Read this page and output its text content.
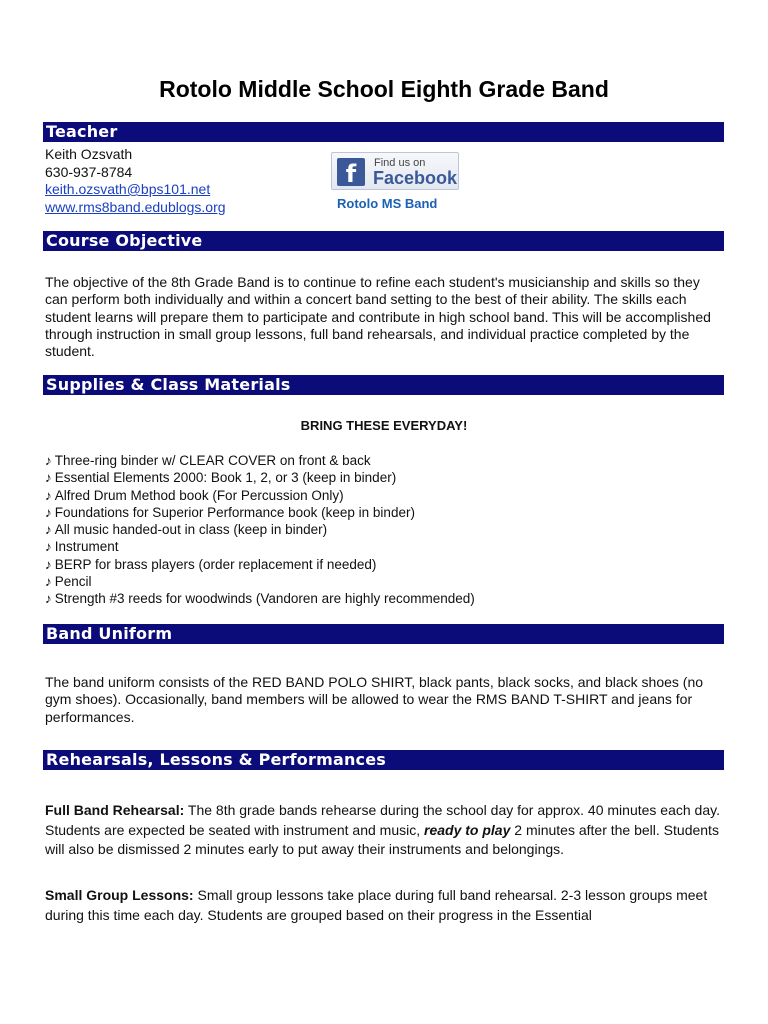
Rotolo Middle School Eighth Grade Band
Teacher
Keith Ozsvath
630-937-8784
keith.ozsvath@bps101.net
www.rms8band.edublogs.org
f	Find us on
Facebook
Rotolo MS Band
Course Objective
The objective of the 8th Grade Band is to continue to refine each student's musicianship and skills so they can perform both individually and within a concert band setting to the best of their ability. The skills each student learns will prepare them to participate and contribute in high school band. This will be accomplished through instruction in small group lessons, full band rehearsals, and individual practice completed by the student.
Supplies & Class Materials
BRING THESE EVERYDAY!
♪ Three-ring binder w/ CLEAR COVER on front & back
♪ Essential Elements 2000: Book 1, 2, or 3 (keep in binder)
♪ Alfred Drum Method book (For Percussion Only)
♪ Foundations for Superior Performance book (keep in binder)
♪ All music handed-out in class (keep in binder)
♪ Instrument
♪ BERP for brass players (order replacement if needed)
♪ Pencil
♪ Strength #3 reeds for woodwinds (Vandoren are highly recommended)
Band Uniform
The band uniform consists of the RED BAND POLO SHIRT, black pants, black socks, and black shoes (no gym shoes). Occasionally, band members will be allowed to wear the RMS BAND T-SHIRT and jeans for performances.
Rehearsals, Lessons & Performances
Full Band Rehearsal: The 8th grade bands rehearse during the school day for approx. 40 minutes each day. Students are expected be seated with instrument and music, ready to play 2 minutes after the bell. Students will also be dismissed 2 minutes early to put away their instruments and belongings.
Small Group Lessons: Small group lessons take place during full band rehearsal. 2-3 lesson groups meet during this time each day. Students are grouped based on their progress in the Essential
